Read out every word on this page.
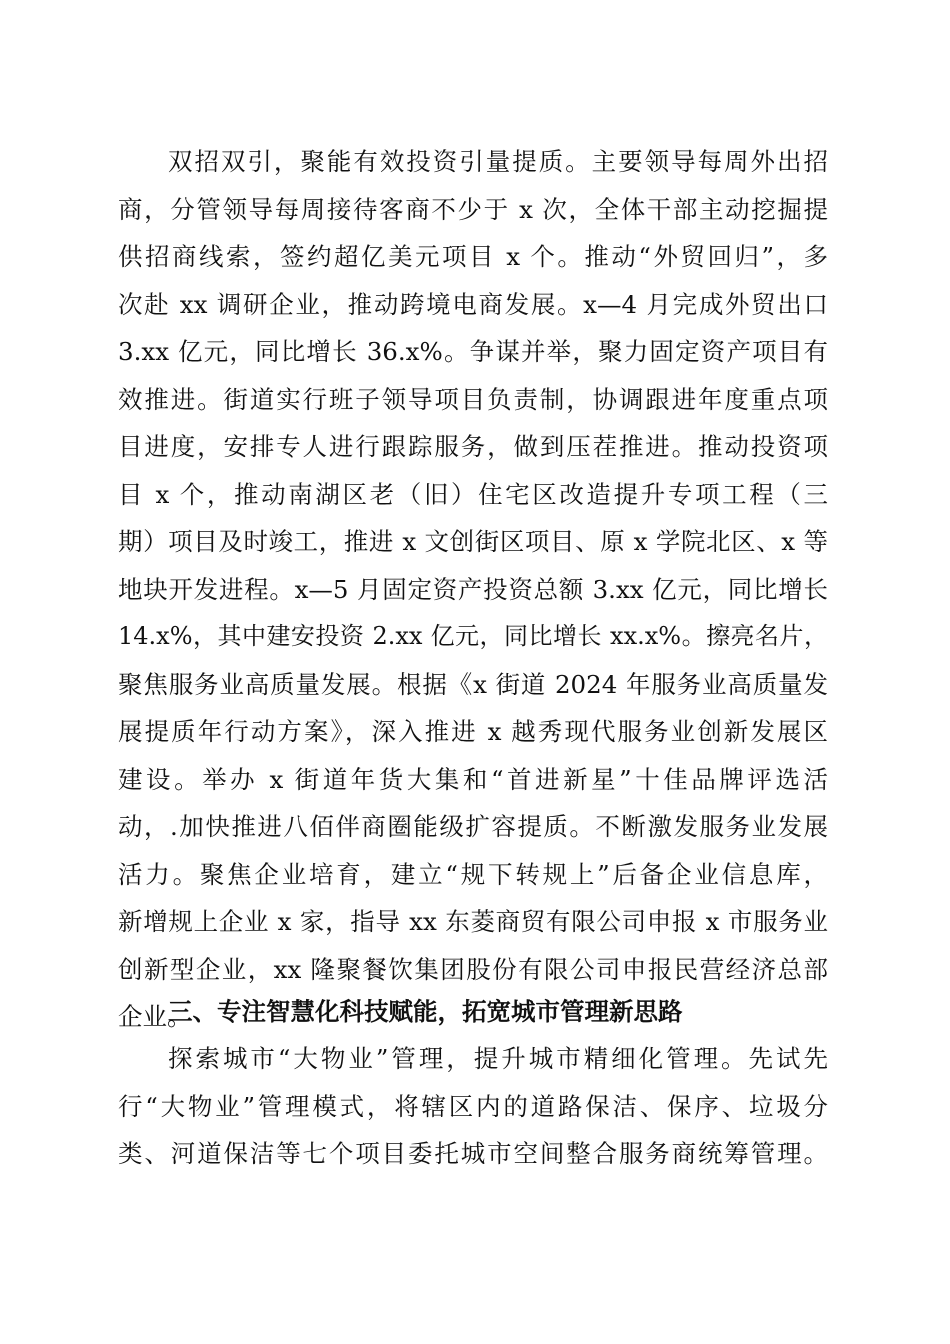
双招双引，聚能有效投资引量提质。主要领导每周外出招
商，分管领导每周接待客商不少于 x 次，全体干部主动挖掘提
供招商线索，签约超亿美元项目 x 个。推动“外贸回归”，多
次赴 xx 调研企业，推动跨境电商发展。x—4 月完成外贸出口
3.xx 亿元，同比增长 36.x%。争谋并举，聚力固定资产项目有
效推进。街道实行班子领导项目负责制，协调跟进年度重点项
目进度，安排专人进行跟踪服务，做到压茬推进。推动投资项
目 x 个，推动南湖区老（旧）住宅区改造提升专项工程（三
期）项目及时竣工，推进 x 文创街区项目、原 x 学院北区、x 等
地块开发进程。x—5 月固定资产投资总额 3.xx 亿元，同比增长
14.x%，其中建安投资 2.xx 亿元，同比增长 xx.x%。擦亮名片，
聚焦服务业高质量发展。根据《x 街道 2024 年服务业高质量发
展提质年行动方案》，深入推进 x 越秀现代服务业创新发展区
建设。举办 x 街道年货大集和“首进新星”十佳品牌评选活
动，.加快推进八佰伴商圈能级扩容提质。不断激发服务业发展
活力。聚焦企业培育，建立“规下转规上”后备企业信息库，
新增规上企业 x 家，指导 xx 东菱商贸有限公司申报 x 市服务业
创新型企业，xx 隆聚餐饮集团股份有限公司申报民营经济总部
企业。
三、专注智慧化科技赋能，拓宽城市管理新思路
探索城市“大物业”管理，提升城市精细化管理。先试先
行“大物业”管理模式，将辖区内的道路保洁、保序、垃圾分
类、河道保洁等七个项目委托城市空间整合服务商统筹管理。
